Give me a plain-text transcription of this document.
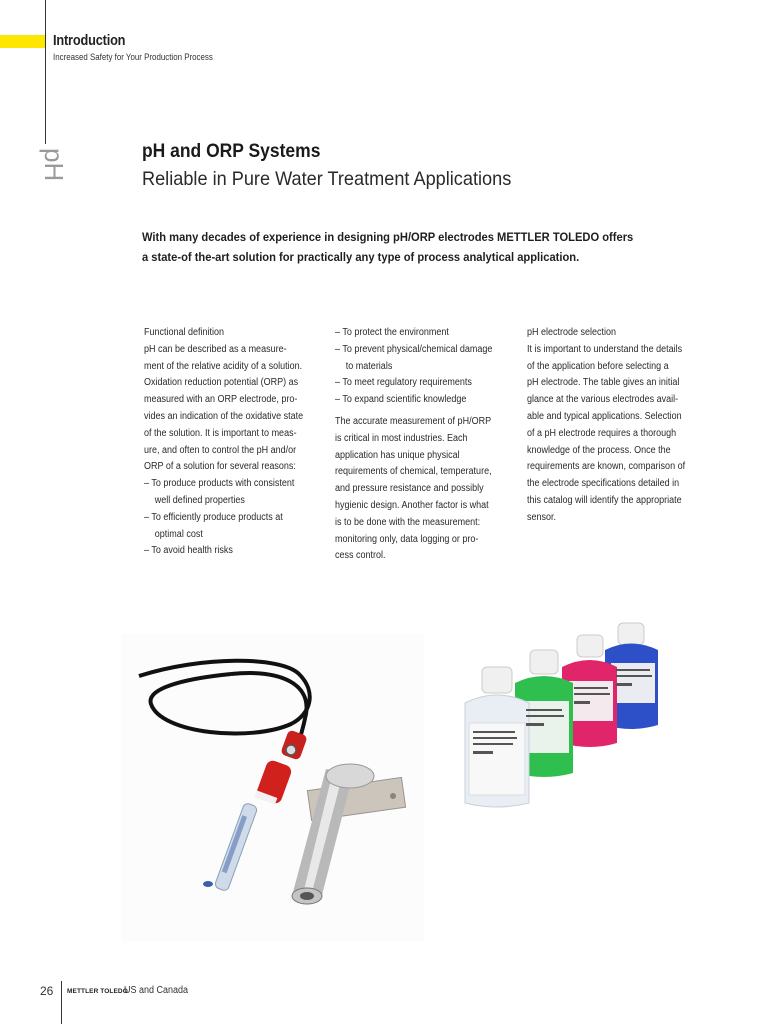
Introduction
Increased Safety for Your Production Process
pH	pH and ORP Systems
Reliable in Pure Water Treatment Applications
With many decades of experience in designing pH/ORP electrodes METTLER TOLEDO offers
a state-of the-art solution for practically any type of process analytical application.
Functional definition
pH can be described as a measure-
ment of the relative acidity of a solution.
Oxidation reduction potential (ORP) as
measured with an ORP electrode, pro-
vides an indication of the oxidative state
of the solution. It is important to meas-
ure, and often to control the pH and/or
ORP of a solution for several reasons:
– To produce products with consistent
well defined properties
– To efficiently produce products at
optimal cost
– To avoid health risks
– To protect the environment
– To prevent physical/chemical damage
to materials
– To meet regulatory requirements
– To expand scientific knowledge
The accurate measurement of pH/ORP
is critical in most industries. Each
application has unique physical
requirements of chemical, temperature,
and pressure resistance and possibly
hygienic design. Another factor is what
is to be done with the measurement:
monitoring only, data logging or pro-
cess control.
pH electrode selection
It is important to understand the details
of the application before selecting a
pH electrode. The table gives an initial
glance at the various electrodes avail-
able and typical applications. Selection
of a pH electrode requires a thorough
knowledge of the process. Once the
requirements are known, comparison of
the electrode specifications detailed in
this catalog will identify the appropriate
sensor.
26 METTLER TOLEDO
US and Canada
